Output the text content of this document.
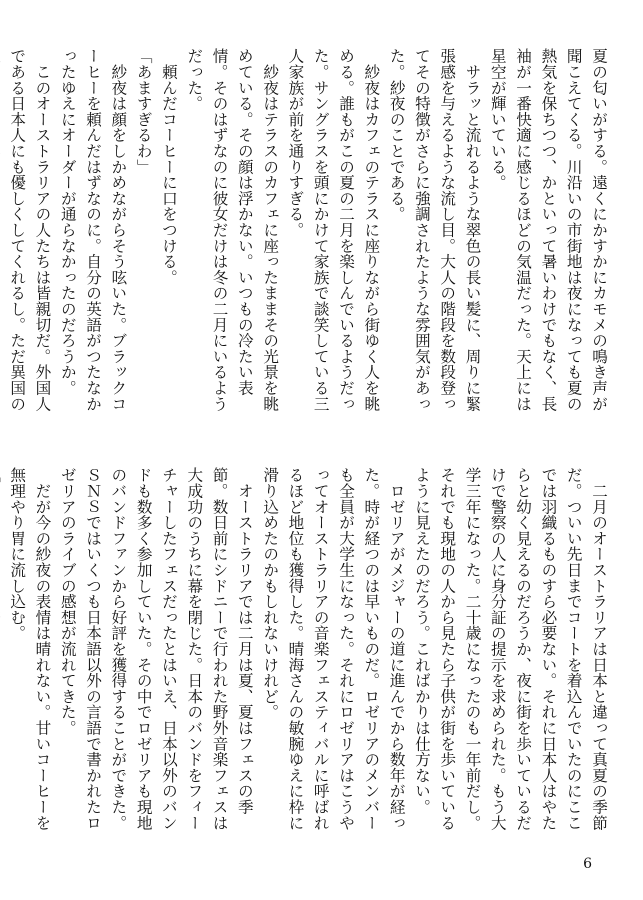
夏の匂いがする。遠くにかすかにカモメの鳴き声が聞こえてくる。川沿いの市街地は夜になっても夏の熱気を保ちつつ、かといって暑いわけでもなく、長袖が一番快適に感じるほどの気温だった。天上には星空が輝いている。

　サラッと流れるような翠色の長い髪に、周りに緊張感を与えるような流し目。大人の階段を数段登ってその特徴がさらに強調されたような雰囲気があった。紗夜のことである。

　紗夜はカフェのテラスに座りながら街ゆく人を眺める。誰もがこの夏の二月を楽しんでいるようだった。サングラスを頭にかけて家族で談笑している三人家族が前を通りすぎる。

　紗夜はテラスのカフェに座ったままその光景を眺めている。その顔は浮かない。いつもの冷たい表情。そのはずなのに彼女だけは冬の二月にいるようだった。

　頼んだコーヒーに口をつける。

「あますぎるわ」

　紗夜は顔をしかめながらそう呟いた。ブラックコーヒーを頼んだはずなのに。自分の英語がつたなかったゆえにオーダーが通らなかったのだろうか。

　このオーストラリアの人たちは皆親切だ。外国人である日本人にも優しくしてくれるし。ただ異国の

　二月のオーストラリアは日本と違って真夏の季節だ。ついい先日までコートを着込んでいたのにここでは羽織るものすら必要ない。それに日本人はやたらと幼く見えるのだろうか、夜に街を歩いているだけで警察の人に身分証の提示を求められた。もう大学三年になった。二十歳になったのも一年前だし。それでも現地の人から見たら子供が街を歩いているように見えたのだろう。こればかりは仕方ない。

　ロゼリアがメジャーの道に進んでから数年が経った。時が経つのは早いものだ。ロゼリアのメンバーも全員が大学生になった。それにロゼリアはこうやってオーストラリアの音楽フェスティバルに呼ばれるほど地位も獲得した。晴海さんの敏腕ゆえに枠に滑り込めたのかもしれないけれど。

　オーストラリアでは二月は夏、夏はフェスの季節。数日前にシドニーで行われた野外音楽フェスは大成功のうちに幕を閉じた。日本のバンドをフィーチャーしたフェスだったとはいえ、日本以外のバンドも数多く参加していた。その中でロゼリアも現地のバンドファンから好評を獲得することができた。ＳＮＳではいくつも日本語以外の言語で書かれたロゼリアのライブの感想が流れてきた。

　だが今の紗夜の表情は晴れない。甘いコーヒーを無理やり胃に流し込む。

6
